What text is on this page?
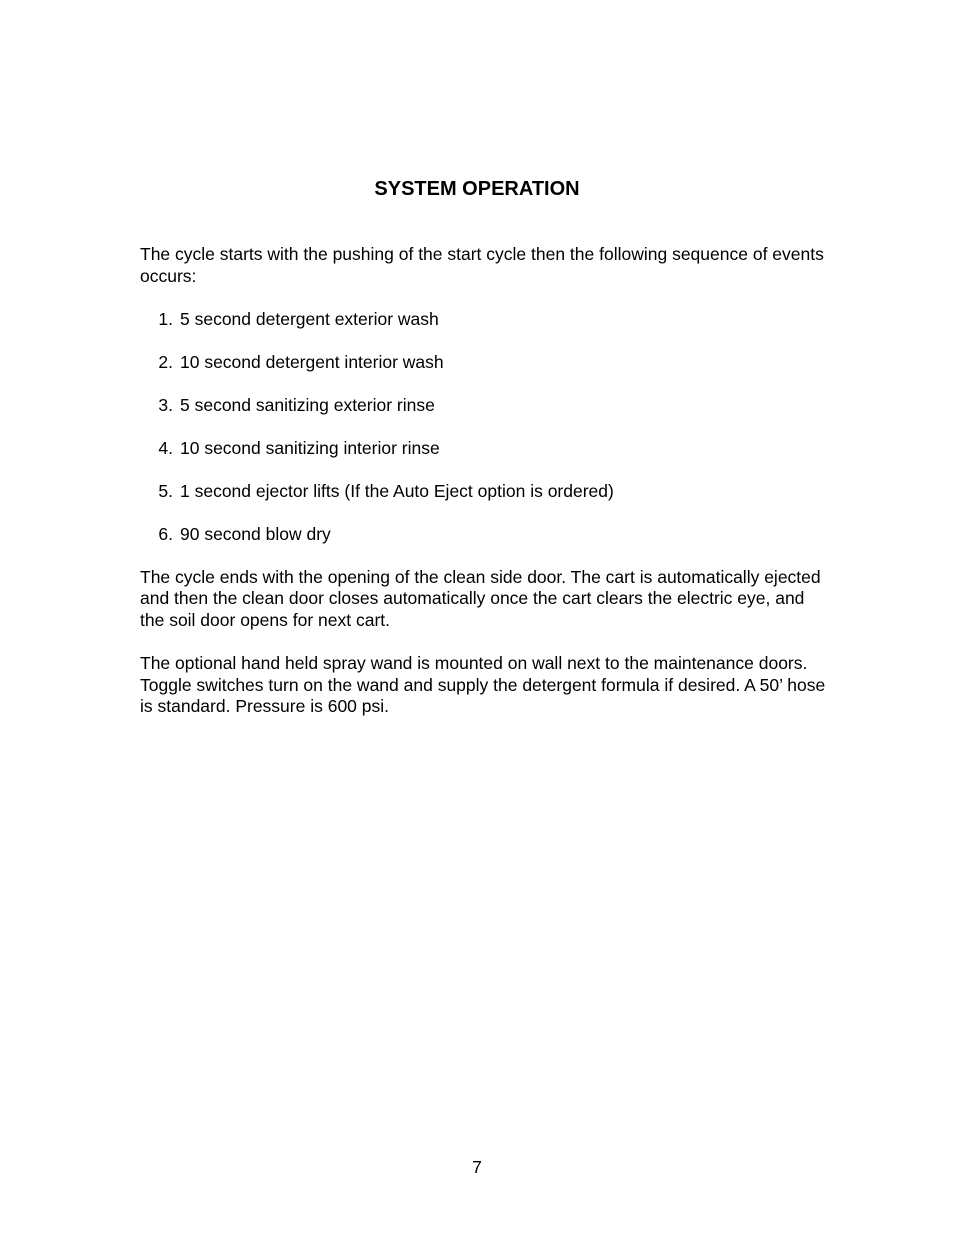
SYSTEM OPERATION

The cycle starts with the pushing of the start cycle then the following sequence of events occurs:

1. 5 second detergent exterior wash
2. 10 second detergent interior wash
3. 5 second sanitizing exterior rinse
4. 10 second sanitizing interior rinse
5. 1 second ejector lifts (If the Auto Eject option is ordered)
6. 90 second blow dry

The cycle ends with the opening of the clean side door. The cart is automatically ejected and then the clean door closes automatically once the cart clears the electric eye, and the soil door opens for next cart.

The optional hand held spray wand is mounted on wall next to the maintenance doors. Toggle switches turn on the wand and supply the detergent formula if desired. A 50’ hose is standard. Pressure is 600 psi.

7
